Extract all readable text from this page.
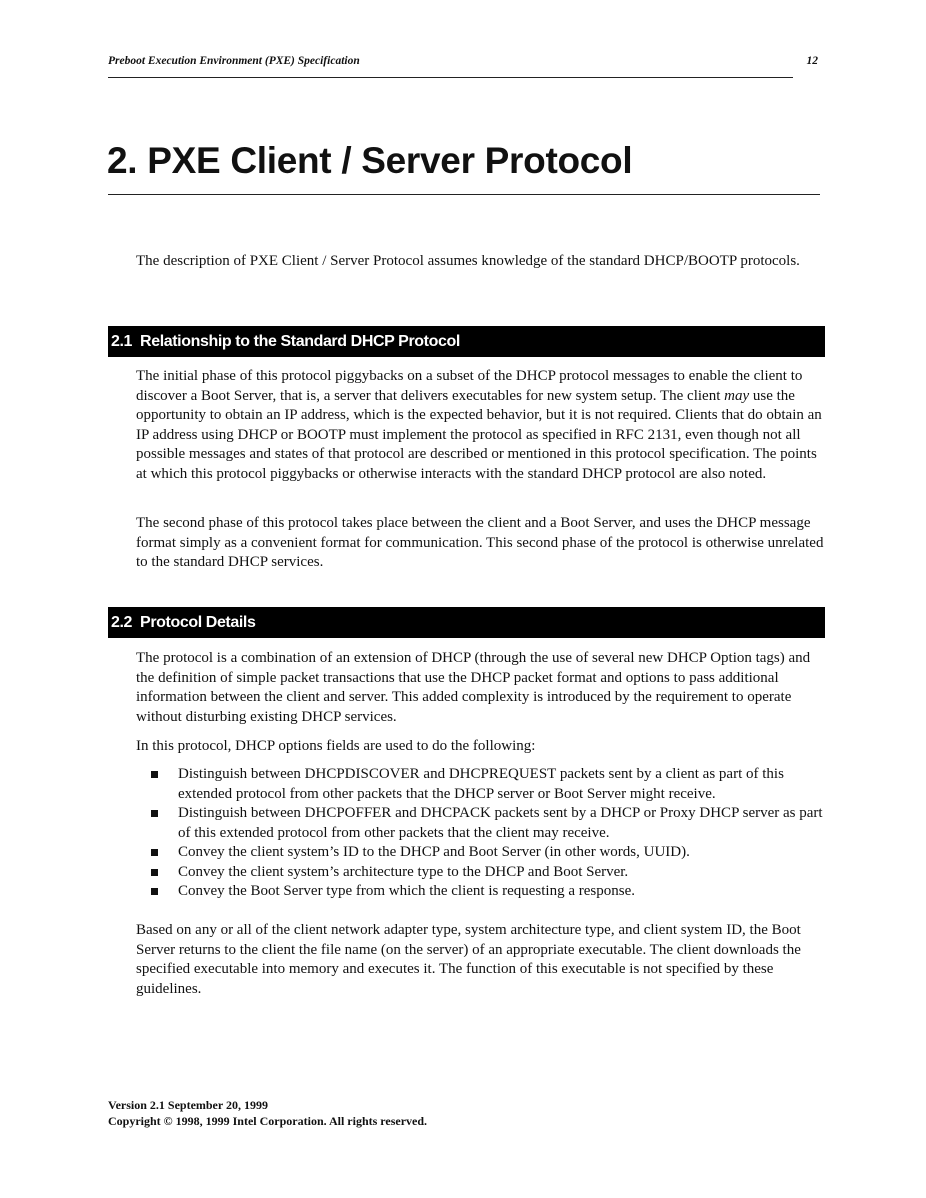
Preboot Execution Environment (PXE) Specification	12
2. PXE Client / Server Protocol

The description of PXE Client / Server Protocol assumes knowledge of the standard DHCP/BOOTP protocols.

2.1 Relationship to the Standard DHCP Protocol

The initial phase of this protocol piggybacks on a subset of the DHCP protocol messages to enable the client to discover a Boot Server, that is, a server that delivers executables for new system setup. The client may use the opportunity to obtain an IP address, which is the expected behavior, but it is not required. Clients that do obtain an IP address using DHCP or BOOTP must implement the protocol as specified in RFC 2131, even though not all possible messages and states of that protocol are described or mentioned in this protocol specification. The points at which this protocol piggybacks or otherwise interacts with the standard DHCP protocol are also noted.

The second phase of this protocol takes place between the client and a Boot Server, and uses the DHCP message format simply as a convenient format for communication. This second phase of the protocol is otherwise unrelated to the standard DHCP services.

2.2 Protocol Details

The protocol is a combination of an extension of DHCP (through the use of several new DHCP Option tags) and the definition of simple packet transactions that use the DHCP packet format and options to pass additional information between the client and server. This added complexity is introduced by the requirement to operate without disturbing existing DHCP services.

In this protocol, DHCP options fields are used to do the following:

Distinguish between DHCPDISCOVER and DHCPREQUEST packets sent by a client as part of this extended protocol from other packets that the DHCP server or Boot Server might receive.
Distinguish between DHCPOFFER and DHCPACK packets sent by a DHCP or Proxy DHCP server as part of this extended protocol from other packets that the client may receive.
Convey the client system’s ID to the DHCP and Boot Server (in other words, UUID).
Convey the client system’s architecture type to the DHCP and Boot Server.
Convey the Boot Server type from which the client is requesting a response.

Based on any or all of the client network adapter type, system architecture type, and client system ID, the Boot Server returns to the client the file name (on the server) of an appropriate executable. The client downloads the specified executable into memory and executes it. The function of this executable is not specified by these guidelines.

Version 2.1 September 20, 1999
Copyright © 1998, 1999 Intel Corporation. All rights reserved.
